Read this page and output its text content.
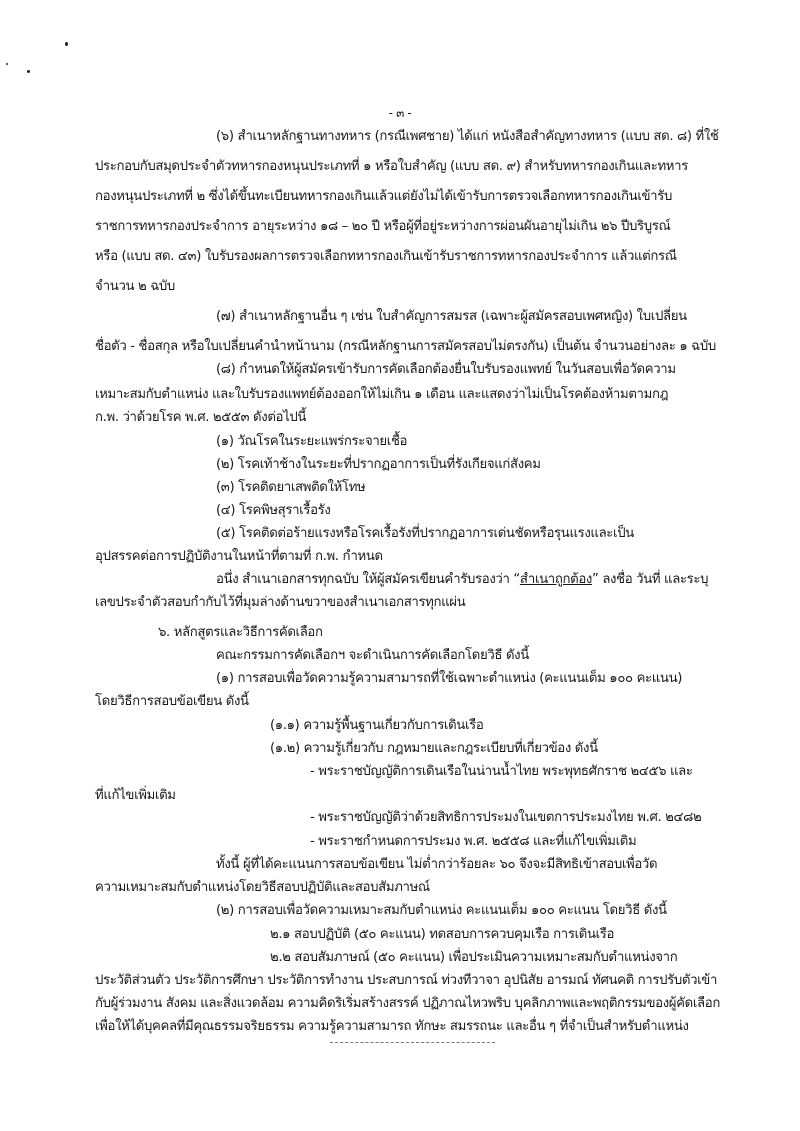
- ๓ -
(๖) สำเนาหลักฐานทางทหาร (กรณีเพศชาย) ได้แก่ หนังสือสำคัญทางทหาร (แบบ สด. ๘) ที่ใช้
ประกอบกับสมุดประจำตัวทหารกองหนุนประเภทที่ ๑ หรือใบสำคัญ (แบบ สด. ๙) สำหรับทหารกองเกินและทหาร
กองหนุนประเภทที่ ๒ ซึ่งได้ขึ้นทะเบียนทหารกองเกินแล้วแต่ยังไม่ได้เข้ารับการตรวจเลือกทหารกองเกินเข้ารับ
ราชการทหารกองประจำการ อายุระหว่าง ๑๘ – ๒๐ ปี หรือผู้ที่อยู่ระหว่างการผ่อนผันอายุไม่เกิน ๒๖ ปีบริบูรณ์
หรือ (แบบ สด. ๔๓) ใบรับรองผลการตรวจเลือกทหารกองเกินเข้ารับราชการทหารกองประจำการ แล้วแต่กรณี
จำนวน ๒ ฉบับ
(๗) สำเนาหลักฐานอื่น ๆ เช่น ใบสำคัญการสมรส (เฉพาะผู้สมัครสอบเพศหญิง) ใบเปลี่ยน
ชื่อตัว - ชื่อสกุล หรือใบเปลี่ยนคำนำหน้านาม (กรณีหลักฐานการสมัครสอบไม่ตรงกัน) เป็นต้น จำนวนอย่างละ ๑ ฉบับ
(๘) กำหนดให้ผู้สมัครเข้ารับการคัดเลือกต้องยื่นใบรับรองแพทย์ ในวันสอบเพื่อวัดความ
เหมาะสมกับตำแหน่ง และใบรับรองแพทย์ต้องออกให้ไม่เกิน ๑ เดือน และแสดงว่าไม่เป็นโรคต้องห้ามตามกฎ
ก.พ. ว่าด้วยโรค พ.ศ. ๒๕๕๓ ดังต่อไปนี้
(๑) วัณโรคในระยะแพร่กระจายเชื้อ
(๒) โรคเท้าช้างในระยะที่ปรากฏอาการเป็นที่รังเกียจแก่สังคม
(๓) โรคติดยาเสพติดให้โทษ
(๔) โรคพิษสุราเรื้อรัง
(๕) โรคติดต่อร้ายแรงหรือโรคเรื้อรังที่ปรากฏอาการเด่นชัดหรือรุนแรงและเป็น
อุปสรรคต่อการปฏิบัติงานในหน้าที่ตามที่ ก.พ. กำหนด
อนึ่ง สำเนาเอกสารทุกฉบับ ให้ผู้สมัครเขียนคำรับรองว่า “สำเนาถูกต้อง” ลงชื่อ วันที่ และระบุ
เลขประจำตัวสอบกำกับไว้ที่มุมล่างด้านขวาของสำเนาเอกสารทุกแผ่น
๖. หลักสูตรและวิธีการคัดเลือก
คณะกรรมการคัดเลือกฯ จะดำเนินการคัดเลือกโดยวิธี ดังนี้
(๑) การสอบเพื่อวัดความรู้ความสามารถที่ใช้เฉพาะตำแหน่ง (คะแนนเต็ม ๑๐๐ คะแนน)
โดยวิธีการสอบข้อเขียน ดังนี้
(๑.๑) ความรู้พื้นฐานเกี่ยวกับการเดินเรือ
(๑.๒) ความรู้เกี่ยวกับ กฎหมายและกฎระเบียบที่เกี่ยวข้อง ดังนี้
- พระราชบัญญัติการเดินเรือในน่านน้ำไทย พระพุทธศักราช ๒๔๕๖ และ
ที่แก้ไขเพิ่มเติม
- พระราชบัญญัติว่าด้วยสิทธิการประมงในเขตการประมงไทย พ.ศ. ๒๔๘๒
- พระราชกำหนดการประมง พ.ศ. ๒๕๕๘ และที่แก้ไขเพิ่มเติม
ทั้งนี้ ผู้ที่ได้คะแนนการสอบข้อเขียน ไม่ต่ำกว่าร้อยละ ๖๐ จึงจะมีสิทธิเข้าสอบเพื่อวัด
ความเหมาะสมกับตำแหน่งโดยวิธีสอบปฏิบัติและสอบสัมภาษณ์
(๒) การสอบเพื่อวัดความเหมาะสมกับตำแหน่ง คะแนนเต็ม ๑๐๐ คะแนน โดยวิธี ดังนี้
๒.๑ สอบปฏิบัติ (๕๐ คะแนน) ทดสอบการควบคุมเรือ การเดินเรือ
๒.๒ สอบสัมภาษณ์ (๕๐ คะแนน) เพื่อประเมินความเหมาะสมกับตำแหน่งจาก
ประวัติส่วนตัว ประวัติการศึกษา ประวัติการทำงาน ประสบการณ์ ท่วงทีวาจา อุปนิสัย อารมณ์ ทัศนคติ การปรับตัวเข้า
กับผู้ร่วมงาน สังคม และสิ่งแวดล้อม ความคิดริเริ่มสร้างสรรค์ ปฏิภาณไหวพริบ บุคลิกภาพและพฤติกรรมของผู้คัดเลือก
เพื่อให้ได้บุคคลที่มีคุณธรรมจริยธรรม ความรู้ความสามารถ ทักษะ สมรรถนะ และอื่น ๆ ที่จำเป็นสำหรับตำแหน่ง
